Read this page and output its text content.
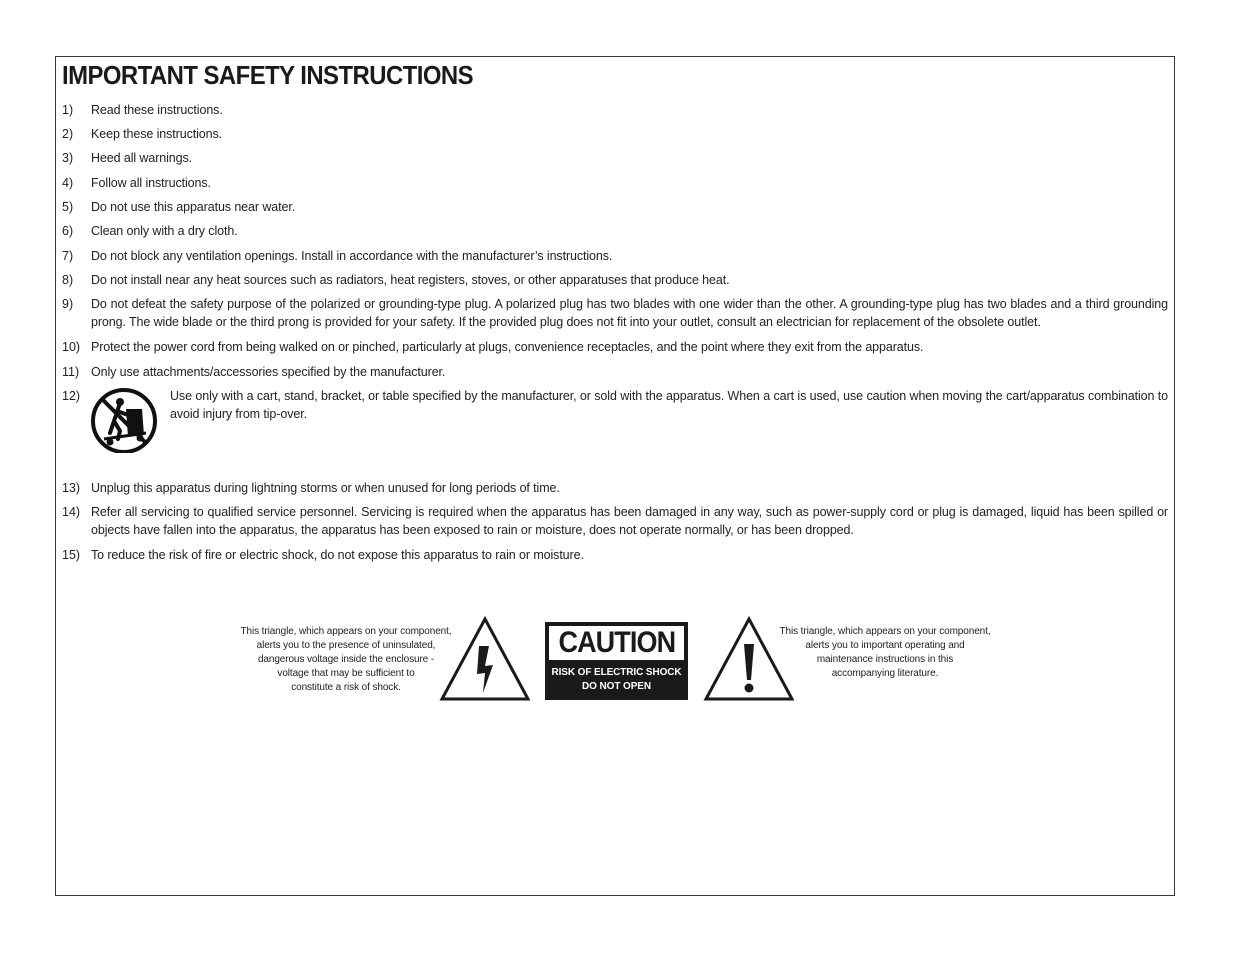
IMPORTANT SAFETY INSTRUCTIONS
1)	Read these instructions.
2)	Keep these instructions.
3)	Heed all warnings.
4)	Follow all instructions.
5)	Do not use this apparatus near water.
6)	Clean only with a dry cloth.
7)	Do not block any ventilation openings. Install in accordance with the manufacturer’s instructions.
8)	Do not install near any heat sources such as radiators, heat registers, stoves, or other apparatuses that produce heat.
9)	Do not defeat the safety purpose of the polarized or grounding-type plug. A polarized plug has two blades with one wider than the other. A grounding-type plug has two blades and a third grounding prong. The wide blade or the third prong is provided for your safety. If the provided plug does not fit into your outlet, consult an electrician for replacement of the obsolete outlet.
10) Protect the power cord from being walked on or pinched, particularly at plugs, convenience receptacles, and the point where they exit from the apparatus.
11) Only use attachments/accessories specified by the manufacturer.
12)	Use only with a cart, stand, bracket, or table specified by the manufacturer, or sold with the apparatus. When a cart is used, use caution when moving the cart/apparatus combination to avoid injury from tip-over.
13) Unplug this apparatus during lightning storms or when unused for long periods of time.
14) Refer all servicing to qualified service personnel. Servicing is required when the apparatus has been damaged in any way, such as power-supply cord or plug is damaged, liquid has been spilled or objects have fallen into the apparatus, the apparatus has been exposed to rain or moisture, does not operate normally, or has been dropped.
15) To reduce the risk of fire or electric shock, do not expose this apparatus to rain or moisture.
This triangle, which appears on your component,
alerts you to the presence of uninsulated,
dangerous voltage inside the enclosure -
voltage that may be sufficient to
constitute a risk of shock.
CAUTION
RISK OF ELECTRIC SHOCK
DO NOT OPEN
This triangle, which appears on your component,
alerts you to important operating and
maintenance instructions in this
accompanying literature.
